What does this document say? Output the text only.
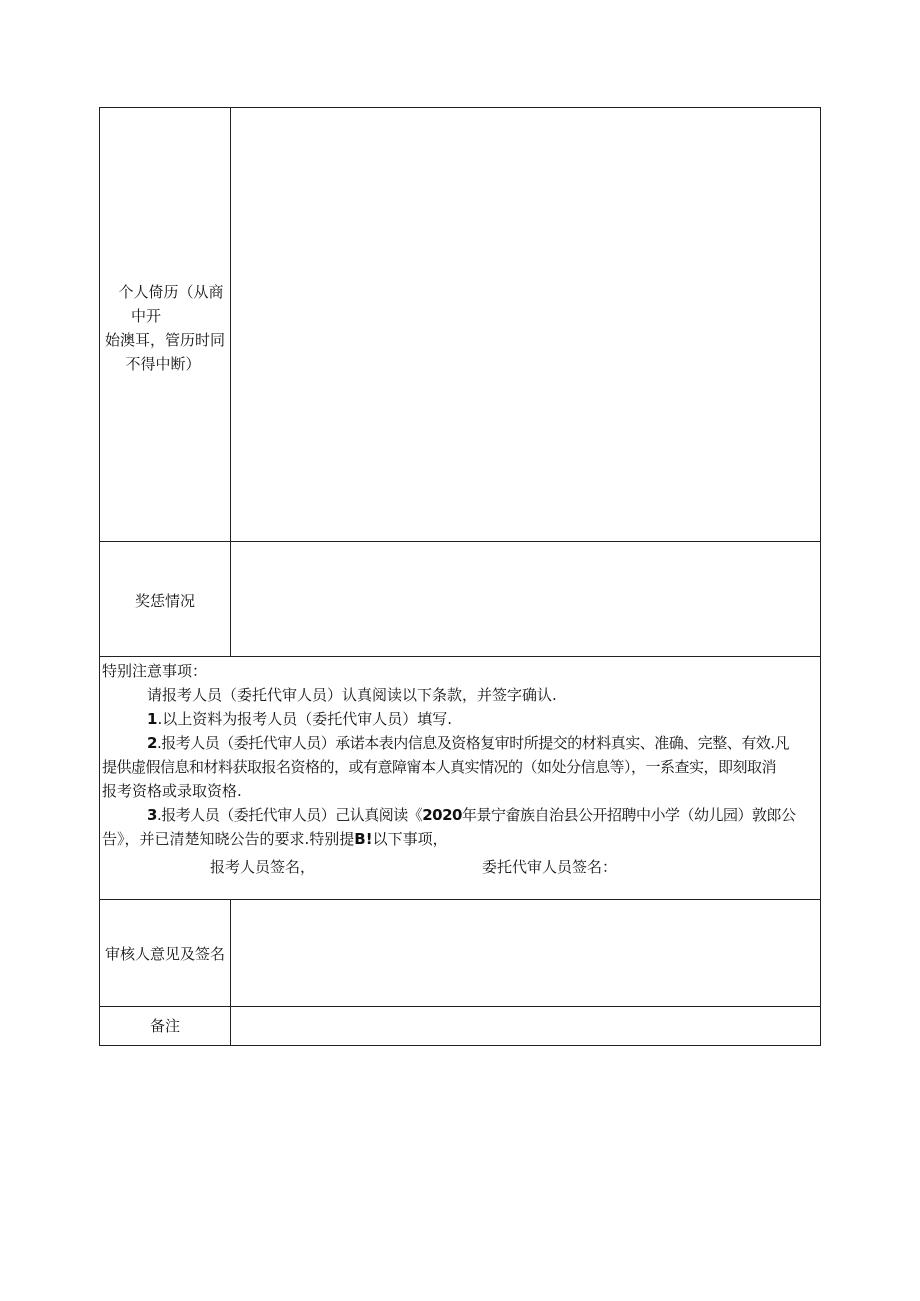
个人倚历（从商
中开
始澳耳，管历时同
不得中断）
奖恁情况
特别注意事项：
请报考人员（委托代审人员）认真阅读以下条款，并签字确认.
1.以上资料为报考人员（委托代审人员）填写.
2.报考人员（委托代审人员）承诺本表内信息及资格复审时所提交的材料真实、准确、完整、有效.凡
提供虚假信息和材料获取报名资格的，或有意障甯本人真实情况的（如处分信息等），一系查实，即刻取消
报考资格或录取资格.
3.报考人员（委托代审人员）己认真阅读《2020年景宁畲族自治县公开招聘中小学（幼儿园）敦郎公
告》，并已清楚知晓公告的要求.特别提B!以下事项，
报考人员签名，	委托代审人员签名：
审核人意见及签名
备注
